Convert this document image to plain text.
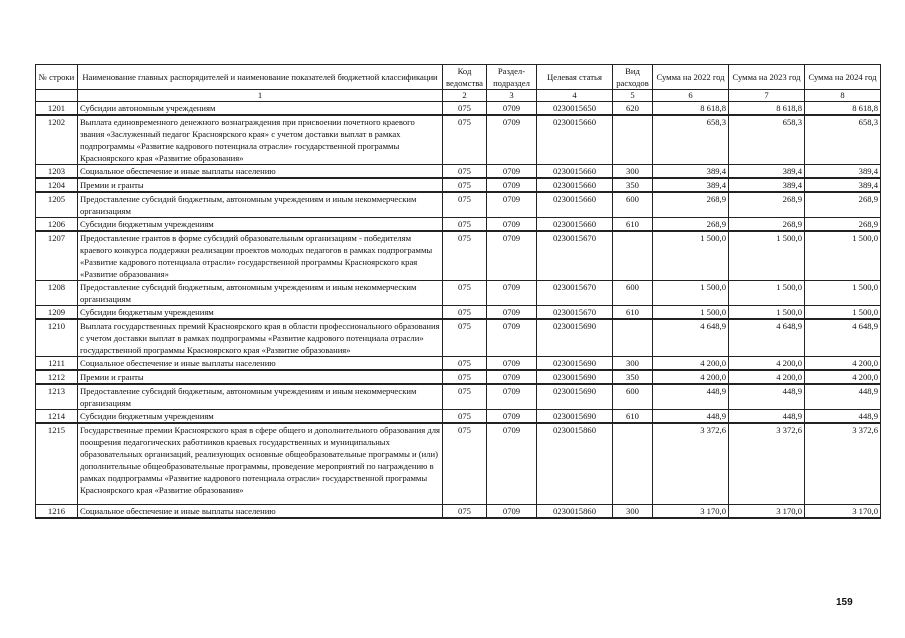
№ строки	Наименование главных распорядителей и наименование показателей бюджетной классификации	Код ведомства	Раздел-подраздел	Целевая статья	Вид расходов	Сумма на 2022 год	Сумма на 2023 год	Сумма на 2024 год
	1	2	3	4	5	6	7	8
1201	Субсидии автономным учреждениям	075	0709	0230015650	620	8 618,8	8 618,8	8 618,8
1202	Выплата единовременного денежного вознаграждения при присвоении почетного краевого звания «Заслуженный педагог Красноярского края» с учетом доставки выплат в рамках подпрограммы «Развитие кадрового потенциала отрасли» государственной программы Красноярского края «Развитие образования»	075	0709	0230015660		658,3	658,3	658,3
1203	Социальное обеспечение и иные выплаты населению	075	0709	0230015660	300	389,4	389,4	389,4
1204	Премии и гранты	075	0709	0230015660	350	389,4	389,4	389,4
1205	Предоставление субсидий бюджетным, автономным учреждениям и иным некоммерческим организациям	075	0709	0230015660	600	268,9	268,9	268,9
1206	Субсидии бюджетным учреждениям	075	0709	0230015660	610	268,9	268,9	268,9
1207	Предоставление грантов в форме субсидий образовательным организациям - победителям краевого конкурса поддержки реализации проектов молодых педагогов в рамках подпрограммы «Развитие кадрового потенциала отрасли» государственной программы Красноярского края «Развитие образования»	075	0709	0230015670		1 500,0	1 500,0	1 500,0
1208	Предоставление субсидий бюджетным, автономным учреждениям и иным некоммерческим организациям	075	0709	0230015670	600	1 500,0	1 500,0	1 500,0
1209	Субсидии бюджетным учреждениям	075	0709	0230015670	610	1 500,0	1 500,0	1 500,0
1210	Выплата государственных премий Красноярского края в области профессионального образования с учетом доставки выплат в рамках подпрограммы «Развитие кадрового потенциала отрасли» государственной программы Красноярского края «Развитие образования»	075	0709	0230015690		4 648,9	4 648,9	4 648,9
1211	Социальное обеспечение и иные выплаты населению	075	0709	0230015690	300	4 200,0	4 200,0	4 200,0
1212	Премии и гранты	075	0709	0230015690	350	4 200,0	4 200,0	4 200,0
1213	Предоставление субсидий бюджетным, автономным учреждениям и иным некоммерческим организациям	075	0709	0230015690	600	448,9	448,9	448,9
1214	Субсидии бюджетным учреждениям	075	0709	0230015690	610	448,9	448,9	448,9
1215	Государственные премии Красноярского края в сфере общего и дополнительного образования для поощрения педагогических работников краевых государственных и муниципальных образовательных организаций, реализующих основные общеобразовательные программы и (или) дополнительные общеобразовательные программы, проведение мероприятий по награждению в рамках подпрограммы «Развитие кадрового потенциала отрасли» государственной программы Красноярского края «Развитие образования»	075	0709	0230015860		3 372,6	3 372,6	3 372,6
1216	Социальное обеспечение и иные выплаты населению	075	0709	0230015860	300	3 170,0	3 170,0	3 170,0
159
